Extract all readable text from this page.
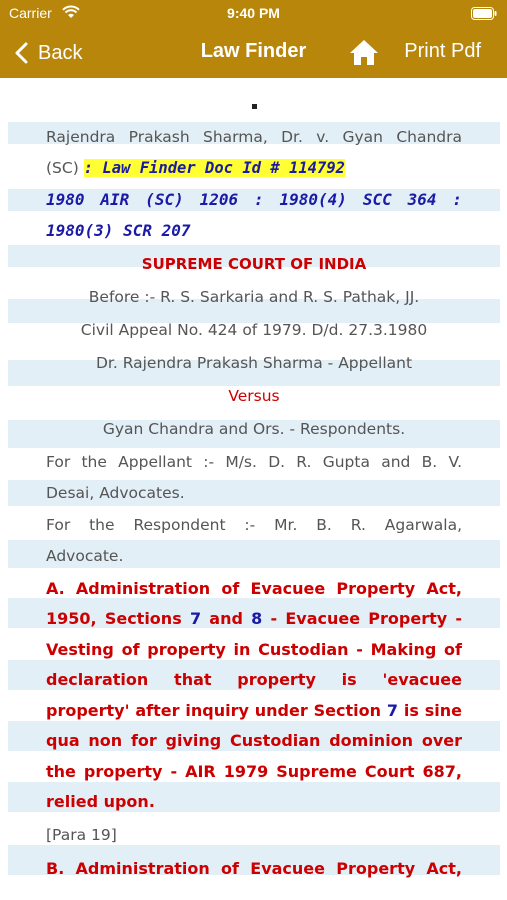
Carrier	9:40 PM
Back	Law Finder	Print Pdf
Rajendra Prakash Sharma, Dr. v. Gyan Chandra
(SC) : Law Finder Doc Id # 114792
1980 AIR (SC) 1206 : 1980(4) SCC 364 :
1980(3) SCR 207
SUPREME COURT OF INDIA
Before :- R. S. Sarkaria and R. S. Pathak, JJ.
Civil Appeal No. 424 of 1979. D/d. 27.3.1980
Dr. Rajendra Prakash Sharma - Appellant
Versus
Gyan Chandra and Ors. - Respondents.
For the Appellant :- M/s. D. R. Gupta and B. V.
Desai, Advocates.
For the Respondent :- Mr. B. R. Agarwala,
Advocate.
A. Administration of Evacuee Property Act,
1950, Sections 7 and 8 - Evacuee Property -
Vesting of property in Custodian - Making of
declaration that property is 'evacuee
property' after inquiry under Section 7 is sine
qua non for giving Custodian dominion over
the property - AIR 1979 Supreme Court 687,
relied upon.
[Para 19]
B. Administration of Evacuee Property Act,
